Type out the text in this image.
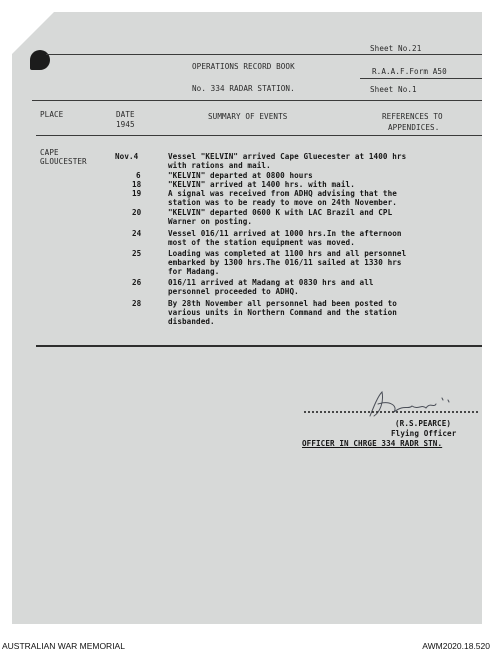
Sheet No.21
OPERATIONS RECORD BOOK
R.A.A.F.Form A50
No. 334 RADAR STATION.	Sheet No.1
PLACE	DATE
1945
SUMMARY OF EVENTS	REFERENCES TO
APPENDICES.
CAPE
GLOUCESTER
Nov.4	Vessel "KELVIN" arrived Cape Gluecester at 1400 hrs
with rations and mail.
6	"KELVIN" departed at 0800 hours
18	"KELVIN" arrived at 1400 hrs. with mail.
19	A signal was received from ADHQ advising that the
station was to be ready to move on 24th November.
20	"KELVIN" departed 0600 K with LAC Brazil and CPL
Warner on posting.
24	Vessel 016/11 arrived at 1000 hrs.In the afternoon
most of the station equipment was moved.
25	Loading was completed at 1100 hrs and all personnel
embarked by 1300 hrs.The 016/11 sailed at 1330 hrs
for Madang.
26	016/11 arrived at Madang at 0830 hrs and all
personnel proceeded to ADHQ.
28	By 28th November all personnel had been posted to
various units in Northern Command and the station
disbanded.
(R.S.PEARCE)
Flying Officer
OFFICER IN CHRGE 334 RADR STN.
AUSTRALIAN WAR MEMORIAL	AWM2020.18.520
